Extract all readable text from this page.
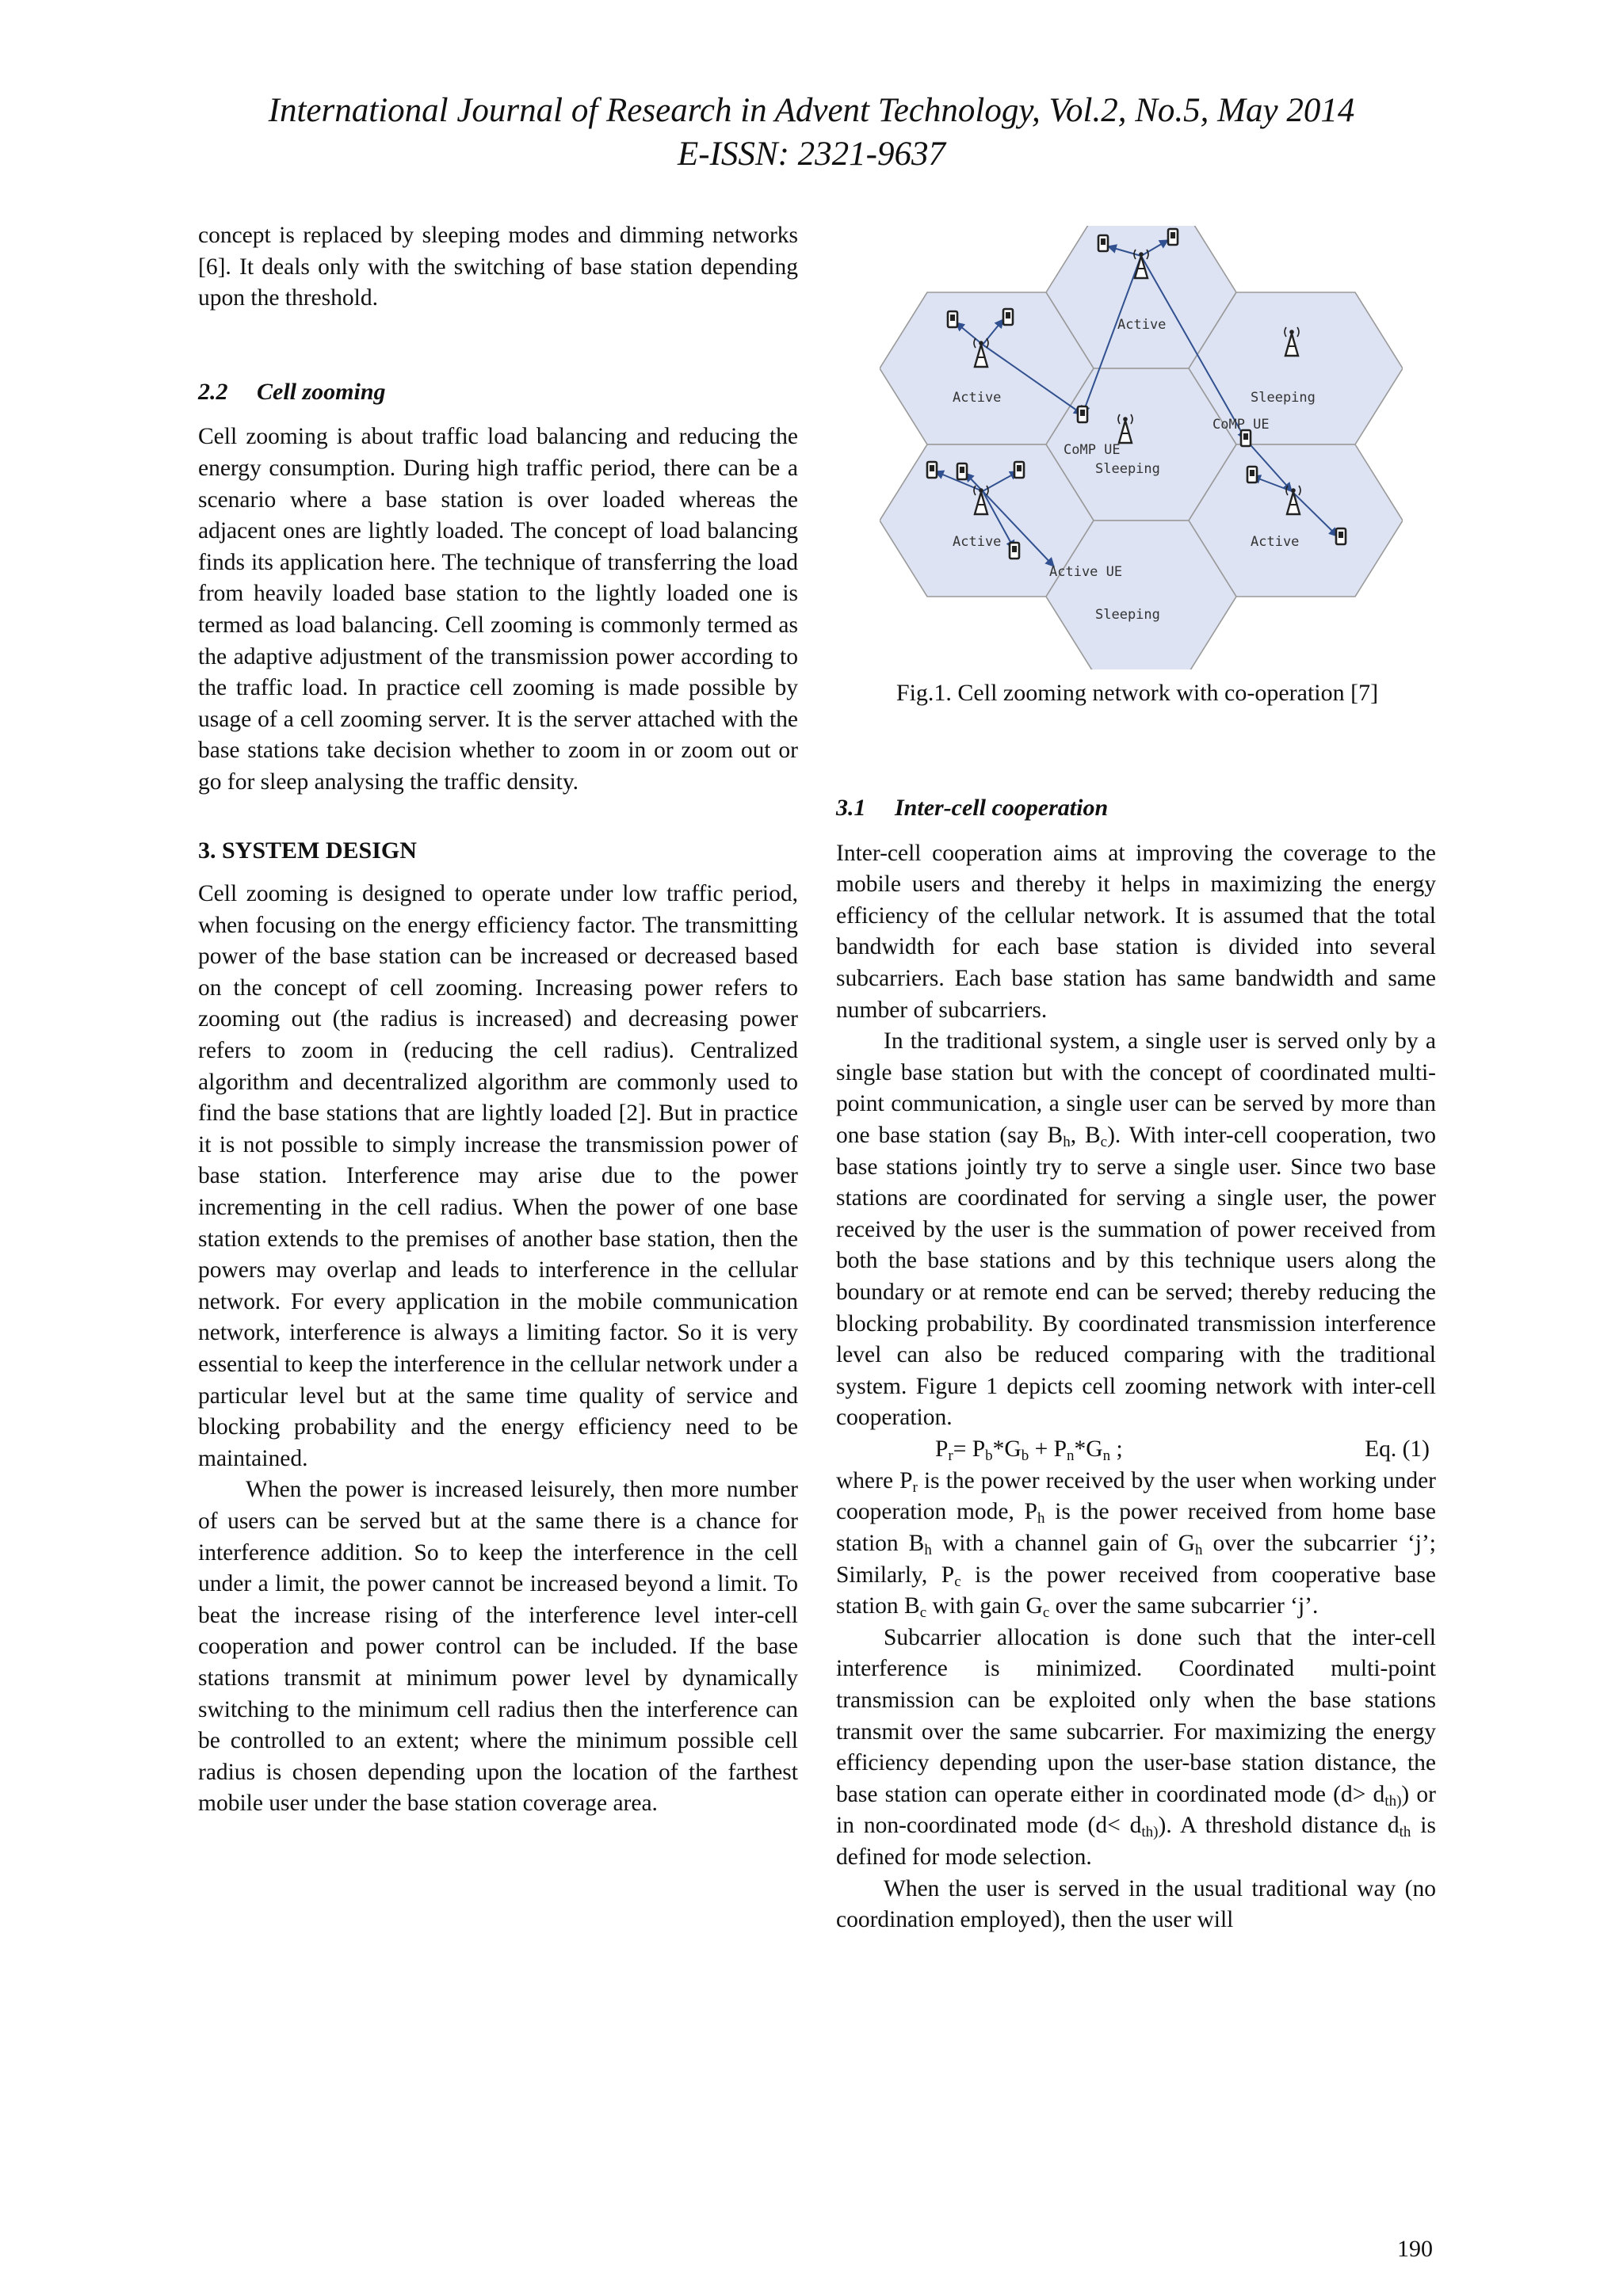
International Journal of Research in Advent Technology, Vol.2, No.5, May 2014
E-ISSN: 2321-9637

concept is replaced by sleeping modes and dimming networks [6]. It deals only with the switching of base station depending upon the threshold.

2.2 Cell zooming

Cell zooming is about traffic load balancing and reducing the energy consumption. During high traffic period, there can be a scenario where a base station is over loaded whereas the adjacent ones are lightly loaded. The concept of load balancing finds its application here. The technique of transferring the load from heavily loaded base station to the lightly loaded one is termed as load balancing. Cell zooming is commonly termed as the adaptive adjustment of the transmission power according to the traffic load. In practice cell zooming is made possible by usage of a cell zooming server. It is the server attached with the base stations take decision whether to zoom in or zoom out or go for sleep analysing the traffic density.

3. SYSTEM DESIGN

Cell zooming is designed to operate under low traffic period, when focusing on the energy efficiency factor. The transmitting power of the base station can be increased or decreased based on the concept of cell zooming. Increasing power refers to zooming out (the radius is increased) and decreasing power refers to zoom in (reducing the cell radius). Centralized algorithm and decentralized algorithm are commonly used to find the base stations that are lightly loaded [2]. But in practice it is not possible to simply increase the transmission power of base station. Interference may arise due to the power incrementing in the cell radius. When the power of one base station extends to the premises of another base station, then the powers may overlap and leads to interference in the cellular network. For every application in the mobile communication network, interference is always a limiting factor. So it is very essential to keep the interference in the cellular network under a particular level but at the same time quality of service and blocking probability and the energy efficiency need to be maintained.

When the power is increased leisurely, then more number of users can be served but at the same there is a chance for interference addition. So to keep the interference in the cell under a limit, the power cannot be increased beyond a limit. To beat the increase rising of the interference level inter-cell cooperation and power control can be included. If the base stations transmit at minimum power level by dynamically switching to the minimum cell radius then the interference can be controlled to an extent; where the minimum possible cell radius is chosen depending upon the location of the farthest mobile user under the base station coverage area.

Active
Active	Sleeping
CoMP UE
Sleeping
CoMP UE
Active	Active
Active UE
Sleeping
Fig.1. Cell zooming network with co-operation [7]

3.1 Inter-cell cooperation

Inter-cell cooperation aims at improving the coverage to the mobile users and thereby it helps in maximizing the energy efficiency of the cellular network. It is assumed that the total bandwidth for each base station is divided into several subcarriers. Each base station has same bandwidth and same number of subcarriers.

In the traditional system, a single user is served only by a single base station but with the concept of coordinated multi-point communication, a single user can be served by more than one base station (say $B_h$, $B_c$). With inter-cell cooperation, two base stations jointly try to serve a single user. Since two base stations are coordinated for serving a single user, the power received by the user is the summation of power received from both the base stations and by this technique users along the boundary or at remote end can be served; thereby reducing the blocking probability. By coordinated transmission interference level can also be reduced comparing with the traditional system. Figure 1 depicts cell zooming network with inter-cell cooperation.

$P_r= P_b*G_b + P_n*G_n$ ;	Eq. (1)

where $P_r$ is the power received by the user when working under cooperation mode, $P_h$ is the power received from home base station $B_h$ with a channel gain of $G_h$ over the subcarrier ‘j’; Similarly, $P_c$ is the power received from cooperative base station $B_c$ with gain $G_c$ over the same subcarrier ‘j’.

Subcarrier allocation is done such that the inter-cell interference is minimized. Coordinated multi-point transmission can be exploited only when the base stations transmit over the same subcarrier. For maximizing the energy efficiency depending upon the user-base station distance, the base station can operate either in coordinated mode $(d> d_{th)})$ or in non-coordinated mode $(d< d_{th)})$. A threshold distance $d_{th}$ is defined for mode selection.

When the user is served in the usual traditional way (no coordination employed), then the user will

190
